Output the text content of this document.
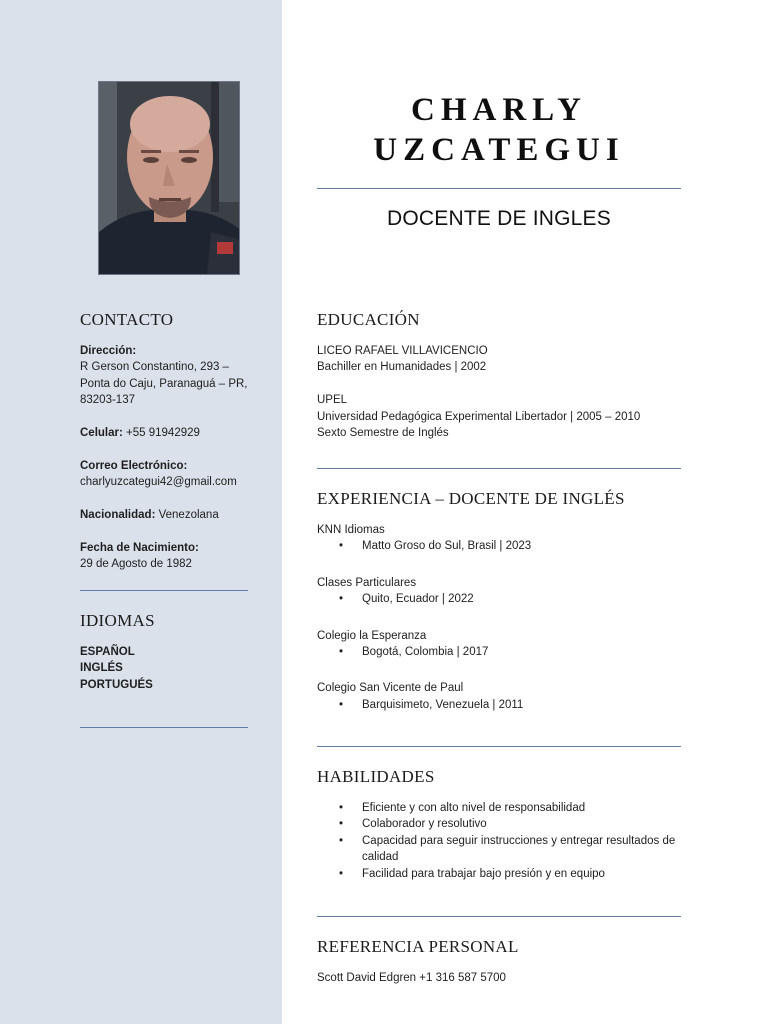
CONTACTO
Dirección:
R Gerson Constantino, 293 –
Ponta do Caju, Paranaguá – PR,
83203-137
Celular: +55 91942929
Correo Electrónico:
charlyuzcategui42@gmail.com
Nacionalidad: Venezolana
Fecha de Nacimiento:
29 de Agosto de 1982
IDIOMAS
ESPAÑOL
INGLÉS
PORTUGUÉS
CHARLY
UZCATEGUI
DOCENTE DE INGLES
EDUCACIÓN
LICEO RAFAEL VILLAVICENCIO
Bachiller en Humanidades | 2002
UPEL
Universidad Pedagógica Experimental Libertador | 2005 – 2010
Sexto Semestre de Inglés
EXPERIENCIA – DOCENTE DE INGLÉS
KNN Idiomas
• Matto Groso do Sul, Brasil | 2023
Clases Particulares
• Quito, Ecuador | 2022
Colegio la Esperanza
• Bogotá, Colombia | 2017
Colegio San Vicente de Paul
• Barquisimeto, Venezuela | 2011
HABILIDADES
• Eficiente y con alto nivel de responsabilidad
• Colaborador y resolutivo
• Capacidad para seguir instrucciones y entregar resultados de calidad
• Facilidad para trabajar bajo presión y en equipo
REFERENCIA PERSONAL
Scott David Edgren +1 316 587 5700
